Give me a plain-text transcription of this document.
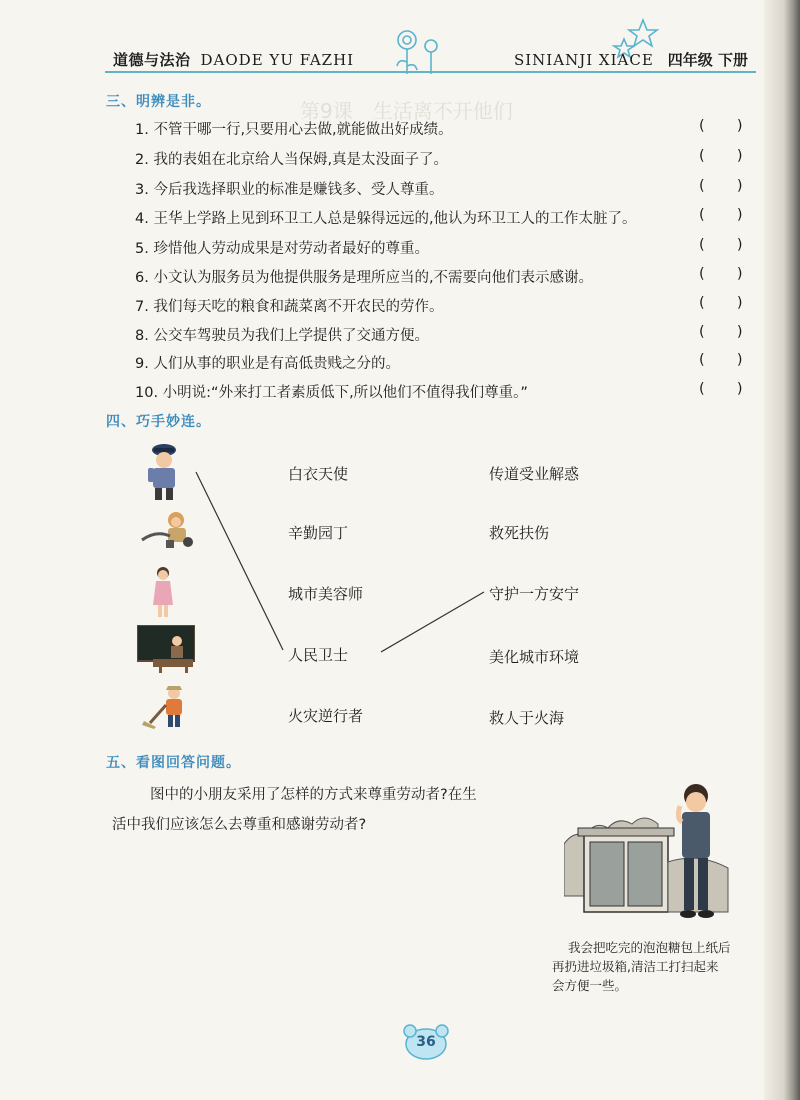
第9课　生活离不开他们
道德与法治 DAODE YU FAZHI	SINIANJI XIACE 四年级 下册
三、明辨是非。
1. 不管干哪一行,只要用心去做,就能做出好成绩。	(       )
2. 我的表姐在北京给人当保姆,真是太没面子了。	(       )
3. 今后我选择职业的标准是赚钱多、受人尊重。	(       )
4. 王华上学路上见到环卫工人总是躲得远远的,他认为环卫工人的工作太脏了。	(       )
5. 珍惜他人劳动成果是对劳动者最好的尊重。	(       )
6. 小文认为服务员为他提供服务是理所应当的,不需要向他们表示感谢。	(       )
7. 我们每天吃的粮食和蔬菜离不开农民的劳作。	(       )
8. 公交车驾驶员为我们上学提供了交通方便。	(       )
9. 人们从事的职业是有高低贵贱之分的。	(       )
10. 小明说:“外来打工者素质低下,所以他们不值得我们尊重。”	(       )
四、巧手妙连。
白衣天使
辛勤园丁
城市美容师
人民卫士
火灾逆行者
传道受业解惑
救死扶伤
守护一方安宁
美化城市环境
救人于火海
五、看图回答问题。
图中的小朋友采用了怎样的方式来尊重劳动者?在生
活中我们应该怎么去尊重和感谢劳动者?
我会把吃完的泡泡糖包上纸后
再扔进垃圾箱,清洁工打扫起来
会方便一些。
36
